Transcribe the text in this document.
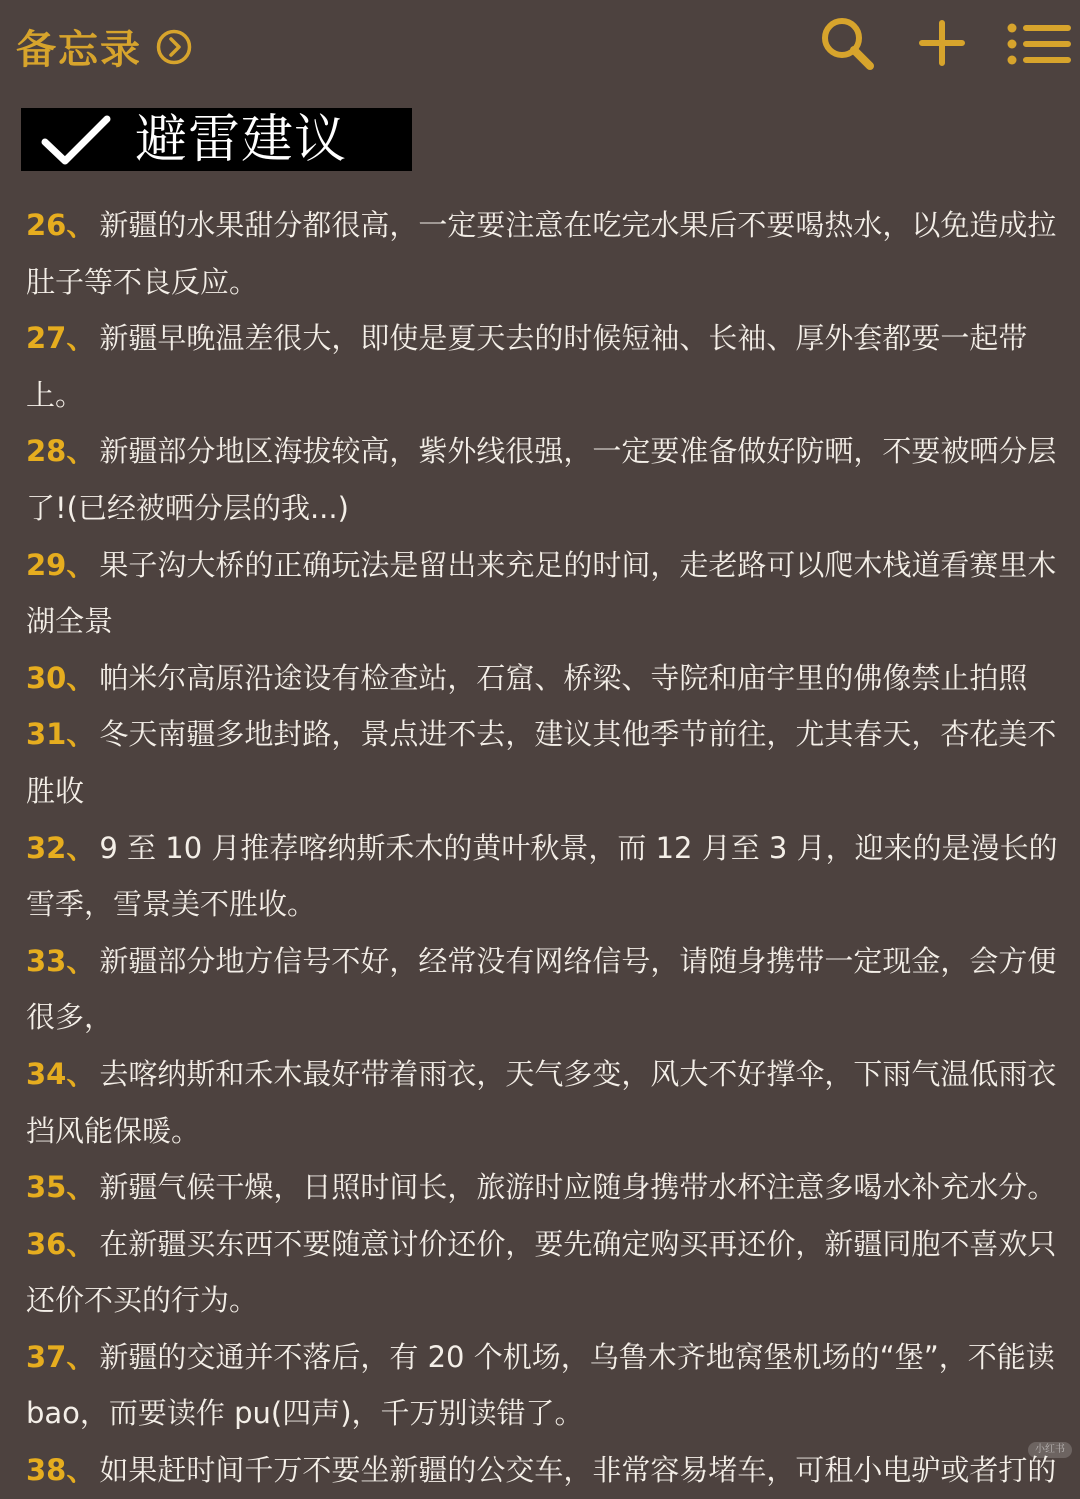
备忘录
避雷建议
26、 新疆的水果甜分都很高，一定要注意在吃完水果后不要喝热水，以免造成拉肚子等不良反应。
27、 新疆早晚温差很大，即使是夏天去的时候短袖、长袖、厚外套都要一起带上。
28、 新疆部分地区海拔较高，紫外线很强，一定要准备做好防晒，不要被晒分层了!(已经被晒分层的我...)
29、 果子沟大桥的正确玩法是留出来充足的时间，走老路可以爬木栈道看赛里木湖全景
30、 帕米尔高原沿途设有检查站，石窟、桥梁、寺院和庙宇里的佛像禁止拍照
31、 冬天南疆多地封路，景点进不去，建议其他季节前往，尤其春天，杏花美不胜收
32、 9 至 10 月推荐喀纳斯禾木的黄叶秋景，而 12 月至 3 月，迎来的是漫长的雪季，雪景美不胜收。
33、 新疆部分地方信号不好，经常没有网络信号，请随身携带一定现金，会方便很多，
34、 去喀纳斯和禾木最好带着雨衣，天气多变，风大不好撑伞，下雨气温低雨衣挡风能保暖。
35、 新疆气候干燥，日照时间长，旅游时应随身携带水杯注意多喝水补充水分。
36、 在新疆买东西不要随意讨价还价，要先确定购买再还价，新疆同胞不喜欢只还价不买的行为。
37、 新疆的交通并不落后，有 20 个机场，乌鲁木齐地窝堡机场的“堡”，不能读 bao，而要读作 pu(四声)，千万别读错了。
38、 如果赶时间千万不要坐新疆的公交车，非常容易堵车，可租小电驴或者打的
小红书
